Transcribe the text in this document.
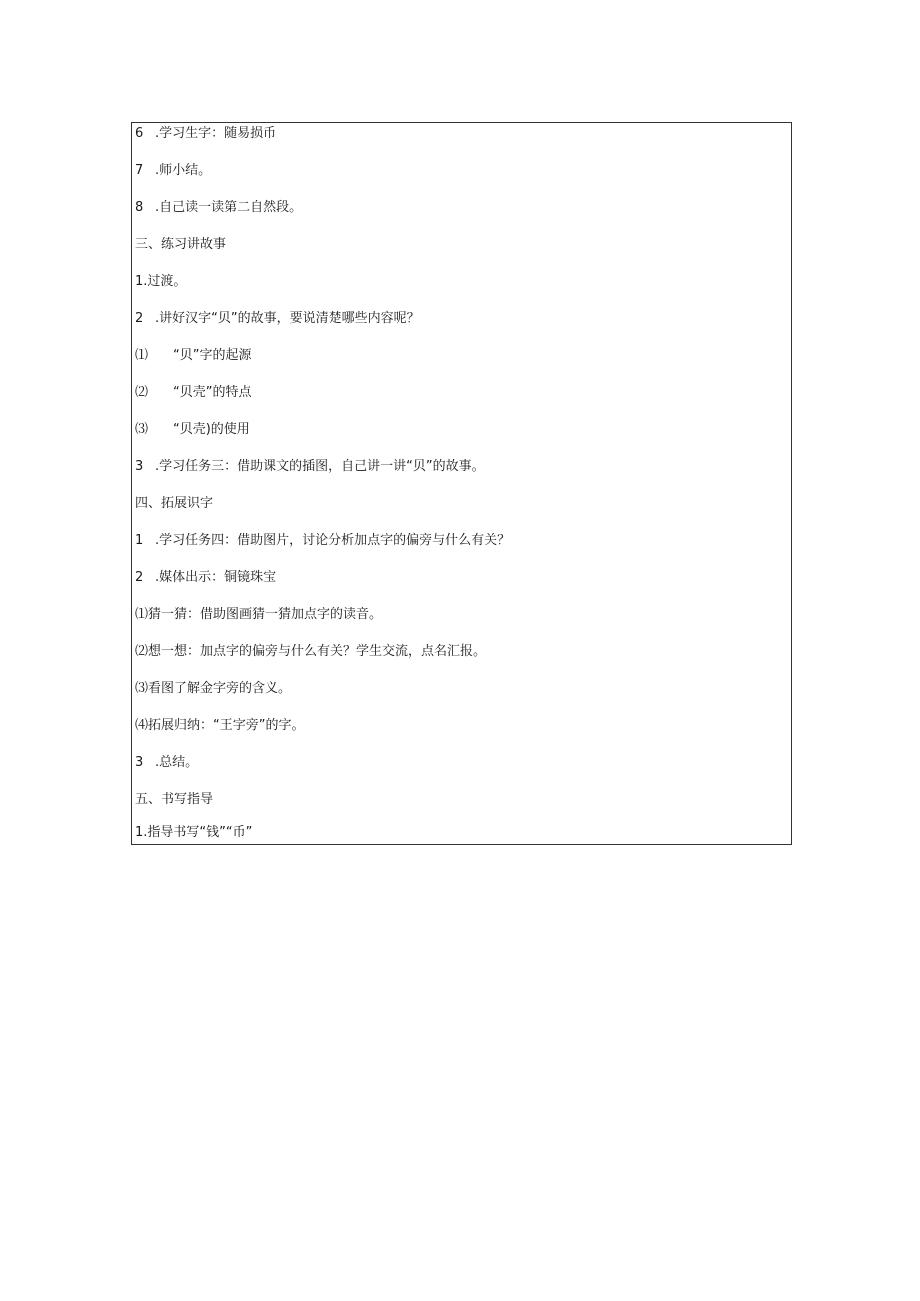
6 .学习生字：随易损币
7 .师小结。
8 .自己读一读第二自然段。
三、练习讲故事
1.过渡。
2 .讲好汉字“贝”的故事，要说清楚哪些内容呢？
⑴ “贝”字的起源
⑵ “贝壳”的特点
⑶ “贝壳)的使用
3 .学习任务三：借助课文的插图，自己讲一讲“贝”的故事。
四、拓展识字
1 .学习任务四：借助图片，讨论分析加点字的偏旁与什么有关？
2 .媒体出示：铜镜珠宝
⑴猜一猜：借助图画猜一猜加点字的读音。
⑵想一想：加点字的偏旁与什么有关？学生交流，点名汇报。
⑶看图了解金字旁的含义。
⑷拓展归纳：“王字旁”的字。
3 .总结。
五、书写指导
1.指导书写“钱”“币”
